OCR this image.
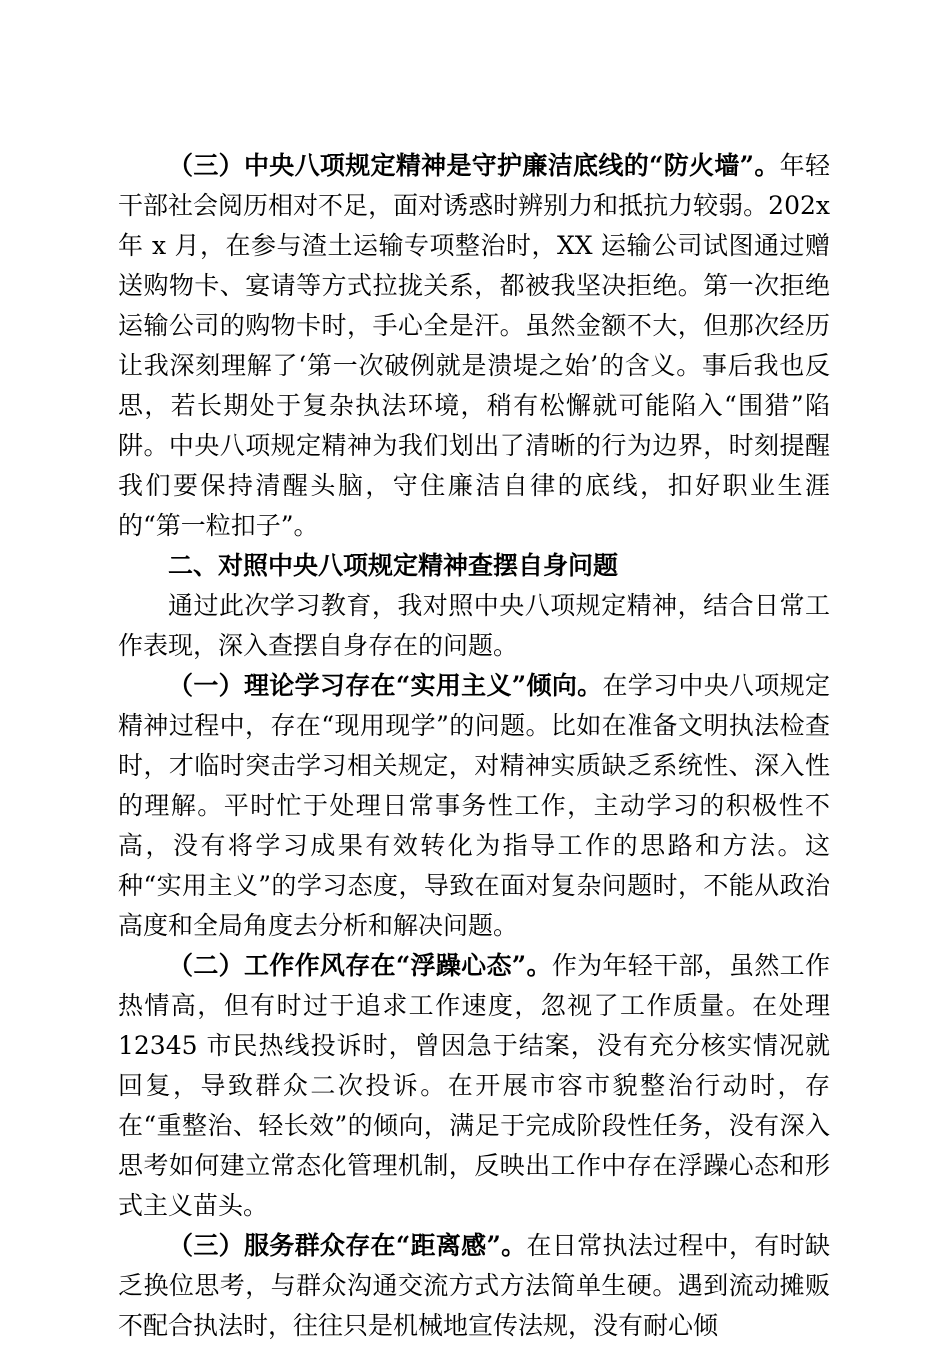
（三）中央八项规定精神是守护廉洁底线的“防火墙”。年轻干部社会阅历相对不足，面对诱惑时辨别力和抵抗力较弱。202x 年 x 月，在参与渣土运输专项整治时，XX 运输公司试图通过赠送购物卡、宴请等方式拉拢关系，都被我坚决拒绝。第一次拒绝运输公司的购物卡时，手心全是汗。虽然金额不大，但那次经历让我深刻理解了‘第一次破例就是溃堤之始’的含义。事后我也反思，若长期处于复杂执法环境，稍有松懈就可能陷入“围猎”陷阱。中央八项规定精神为我们划出了清晰的行为边界，时刻提醒我们要保持清醒头脑，守住廉洁自律的底线，扣好职业生涯的“第一粒扣子”。

二、对照中央八项规定精神查摆自身问题

通过此次学习教育，我对照中央八项规定精神，结合日常工作表现，深入查摆自身存在的问题。

（一）理论学习存在“实用主义”倾向。在学习中央八项规定精神过程中，存在“现用现学”的问题。比如在准备文明执法检查时，才临时突击学习相关规定，对精神实质缺乏系统性、深入性的理解。平时忙于处理日常事务性工作，主动学习的积极性不高，没有将学习成果有效转化为指导工作的思路和方法。这种“实用主义”的学习态度，导致在面对复杂问题时，不能从政治高度和全局角度去分析和解决问题。

（二）工作作风存在“浮躁心态”。作为年轻干部，虽然工作热情高，但有时过于追求工作速度，忽视了工作质量。在处理 12345 市民热线投诉时，曾因急于结案，没有充分核实情况就回复，导致群众二次投诉。在开展市容市貌整治行动时，存在“重整治、轻长效”的倾向，满足于完成阶段性任务，没有深入思考如何建立常态化管理机制，反映出工作中存在浮躁心态和形式主义苗头。

（三）服务群众存在“距离感”。在日常执法过程中，有时缺乏换位思考，与群众沟通交流方式方法简单生硬。遇到流动摊贩不配合执法时，往往只是机械地宣传法规，没有耐心倾
